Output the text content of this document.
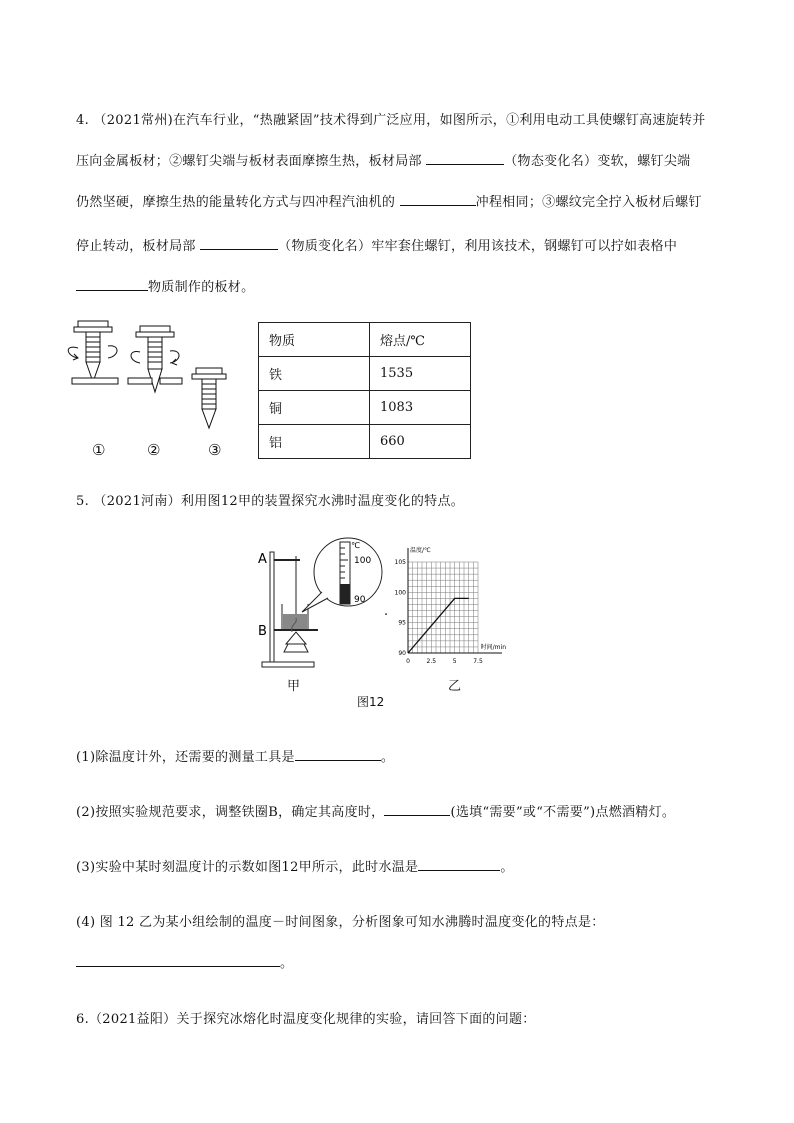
4. （2021常州)在汽车行业，“热融紧固”技术得到广泛应用，如图所示，①利用电动工具使螺钉高速旋转并
压向金属板材；②螺钉尖端与板材表面摩擦生热，板材局部	（物态变化名）变软，螺钉尖端
仍然坚硬，摩擦生热的能量转化方式与四冲程汽油机的	冲程相同；③螺纹完全拧入板材后螺钉
停止转动，板材局部	（物质变化名）牢牢套住螺钉，利用该技术，钢螺钉可以拧如表格中
物质制作的板材。
①	②	③
物质	熔点/℃
铁	1535
铜	1083
铝	660
5. （2021河南）利用图12甲的装置探究水沸时温度变化的特点。
A
B
℃
100
90
甲
.
0	2.5	5	7.5
90
95
100
105
温度/℃
时间/min
乙
图12
(1)除温度计外，还需要的测量工具是	。
(2)按照实验规范要求，调整铁圈B，确定其高度时，	(选填“需要”或“不需要”)点燃酒精灯。
(3)实验中某时刻温度计的示数如图12甲所示，此时水温是	。
(4) 图 12 乙为某小组绘制的温度－时间图象，分析图象可知水沸腾时温度变化的特点是：
。
6.（2021益阳）关于探究冰熔化时温度变化规律的实验，请回答下面的问题：
